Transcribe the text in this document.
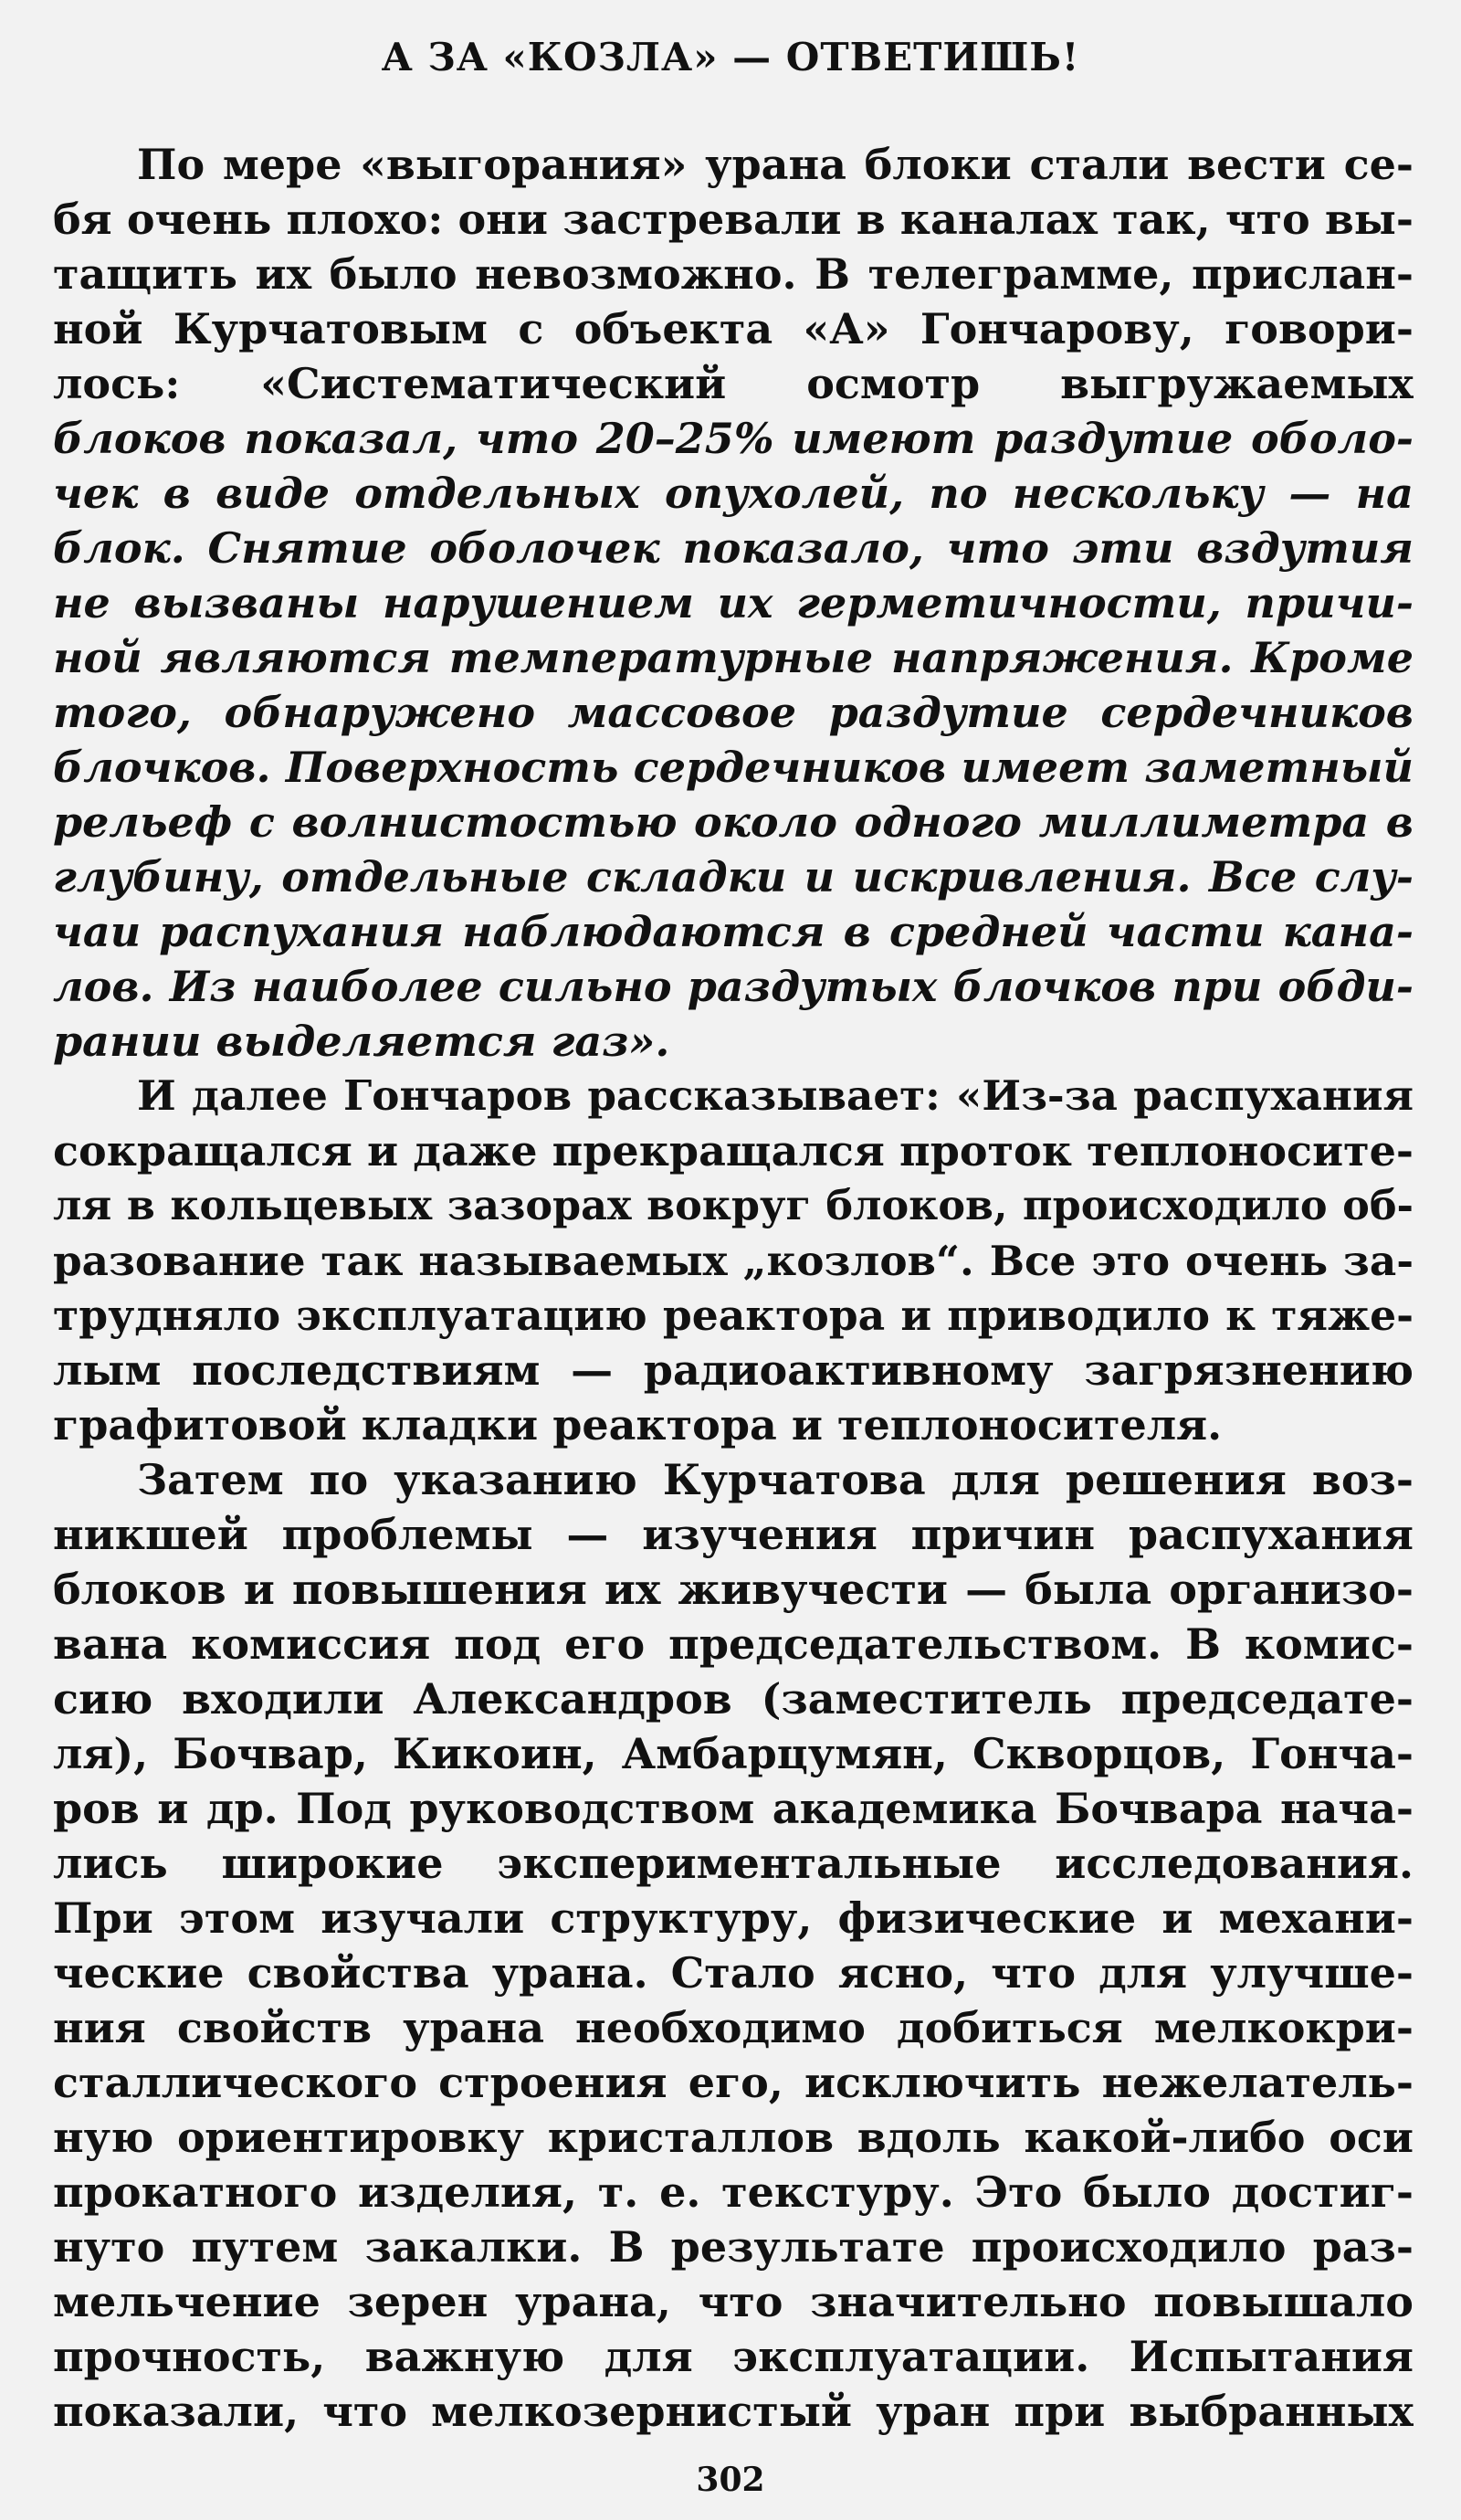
А ЗА «КОЗЛА» — ОТВЕТИШЬ!
По мере «выгорания» урана блоки стали вести се-
бя очень плохо: они застревали в каналах так, что вы-
тащить их было невозможно. В телеграмме, прислан-
ной Курчатовым с объекта «А» Гончарову, говори-
лось: «Систематический осмотр выгружаемых
блоков показал, что 20–25% имеют раздутие оболо-
чек в виде отдельных опухолей, по нескольку — на
блок. Снятие оболочек показало, что эти вздутия
не вызваны нарушением их герметичности, причи-
ной являются температурные напряжения. Кроме
того, обнаружено массовое раздутие сердечников
блочков. Поверхность сердечников имеет заметный
рельеф с волнистостью около одного миллиметра в
глубину, отдельные складки и искривления. Все слу-
чаи распухания наблюдаются в средней части кана-
лов. Из наиболее сильно раздутых блочков при обди-
рании выделяется газ».
И далее Гончаров рассказывает: «Из-за распухания
сокращался и даже прекращался проток теплоносите-
ля в кольцевых зазорах вокруг блоков, происходило об-
разование так называемых „козлов“. Все это очень за-
трудняло эксплуатацию реактора и приводило к тяже-
лым последствиям — радиоактивному загрязнению
графитовой кладки реактора и теплоносителя.
Затем по указанию Курчатова для решения воз-
никшей проблемы — изучения причин распухания
блоков и повышения их живучести — была организо-
вана комиссия под его председательством. В комис-
сию входили Александров (заместитель председате-
ля), Бочвар, Кикоин, Амбарцумян, Скворцов, Гонча-
ров и др. Под руководством академика Бочвара нача-
лись широкие экспериментальные исследования.
При этом изучали структуру, физические и механи-
ческие свойства урана. Стало ясно, что для улучше-
ния свойств урана необходимо добиться мелкокри-
сталлического строения его, исключить нежелатель-
ную ориентировку кристаллов вдоль какой-либо оси
прокатного изделия, т. е. текстуру. Это было достиг-
нуто путем закалки. В результате происходило раз-
мельчение зерен урана, что значительно повышало
прочность, важную для эксплуатации. Испытания
показали, что мелкозернистый уран при выбранных
302
